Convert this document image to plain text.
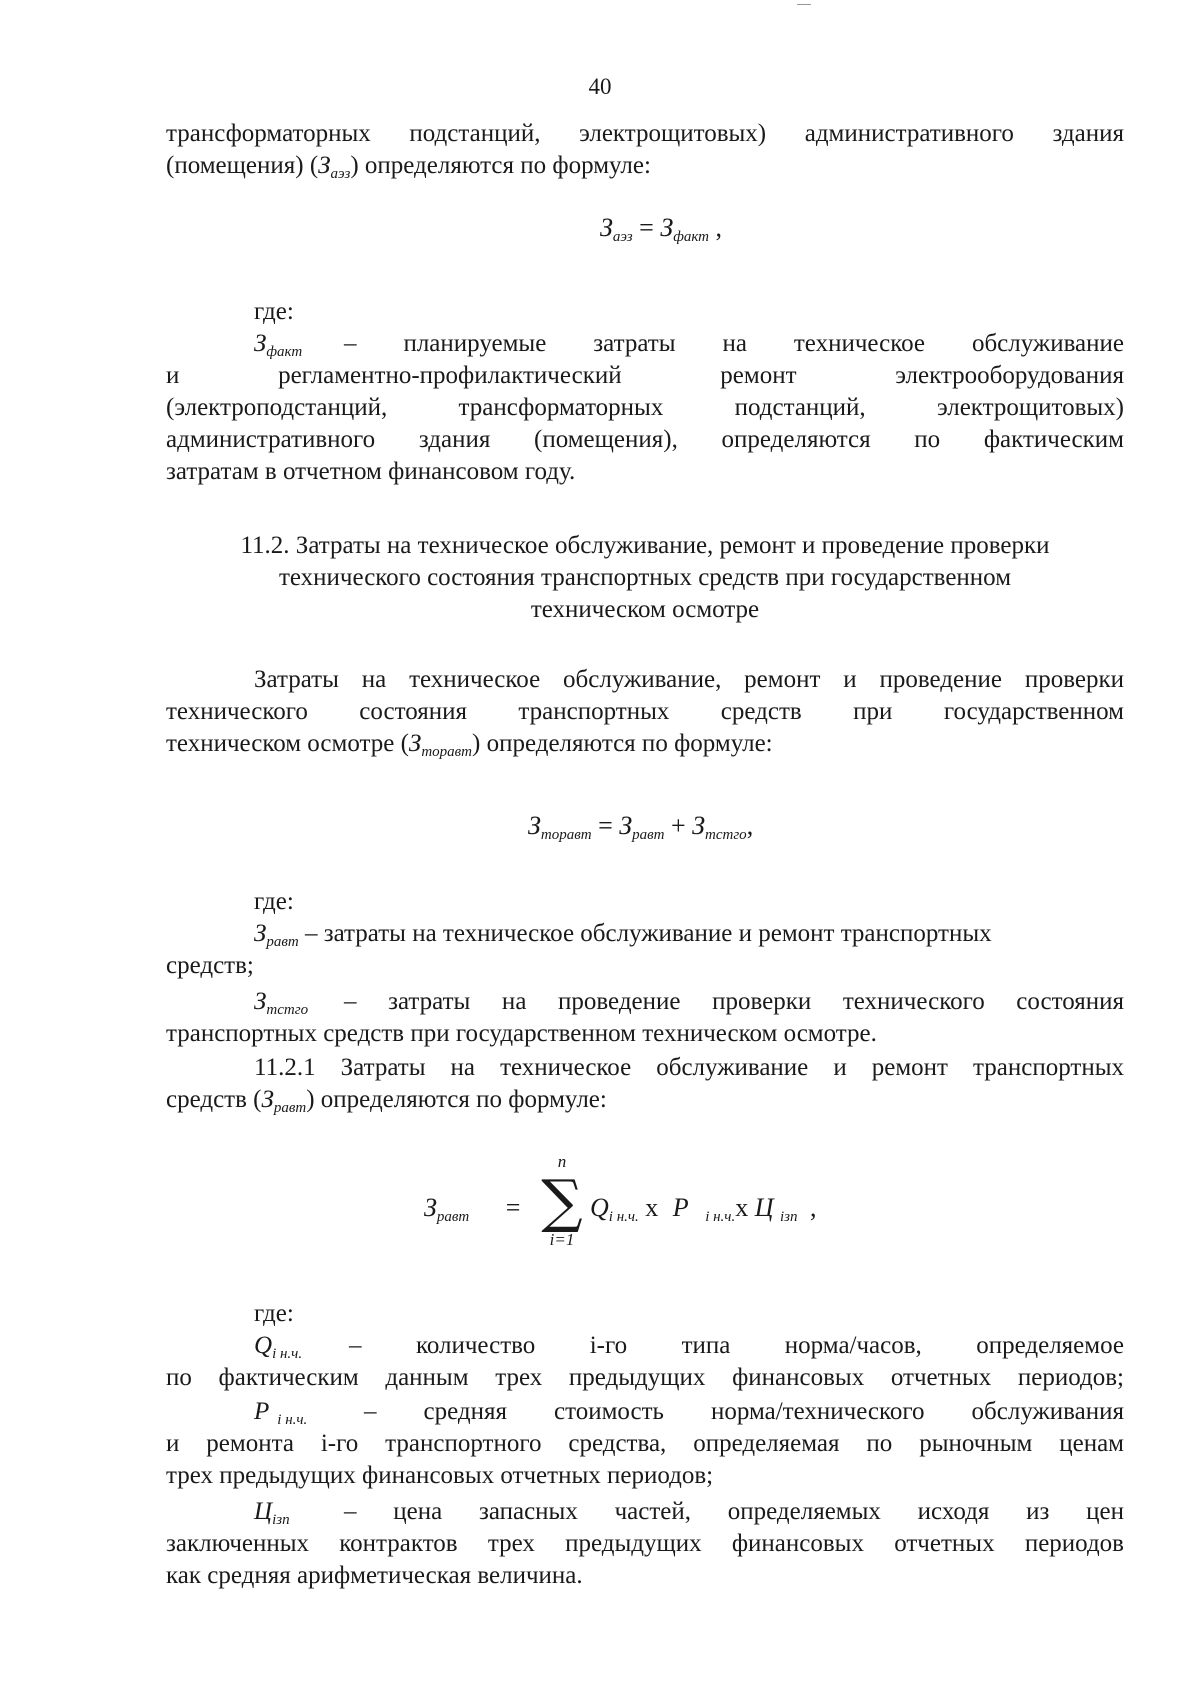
40
трансформаторных подстанций, электрощитовых) административного здания
(помещения) $(З_{аэз})$ определяются по формуле:
$З_{аэз} = З_{факт}$ ,
где:
$З_{факт}$ – планируемые затраты на техническое обслуживание
и регламентно-профилактический ремонт электрооборудования
(электроподстанций, трансформаторных подстанций, электрощитовых)
административного здания (помещения), определяются по фактическим
затратам в отчетном финансовом году.
11.2. Затраты на техническое обслуживание, ремонт и проведение проверки
технического состояния транспортных средств при государственном
техническом осмотре
Затраты на техническое обслуживание, ремонт и проведение проверки
технического состояния транспортных средств при государственном
техническом осмотре $(З_{торавт})$ определяются по формуле:
$З_{торавт} = З_{равт} + З_{тстго}$,
где:
$З_{равт}$ – затраты на техническое обслуживание и ремонт транспортных
средств;
$З_{тстго}$ – затраты на проведение проверки технического состояния
транспортных средств при государственном техническом осмотре.
11.2.1 Затраты на техническое обслуживание и ремонт транспортных
средств $(З_{равт})$ определяются по формуле:
$З_{равт}$ =
n
∑
i=1
$Q_{i н.ч.}$ х Р $_{i н.ч.}$х Ц $_{iзп}$ ,
где:
$Q_{i н.ч.}$ – количество i-го типа норма/часов, определяемое
по фактическим данным трех предыдущих финансовых отчетных периодов;
Р $_{i н.ч.}$ – средняя стоимость норма/технического обслуживания
и ремонта i-го транспортного средства, определяемая по рыночным ценам
трех предыдущих финансовых отчетных периодов;
$Ц_{iзп}$ – цена запасных частей, определяемых исходя из цен
заключенных контрактов трех предыдущих финансовых отчетных периодов
как средняя арифметическая величина.
